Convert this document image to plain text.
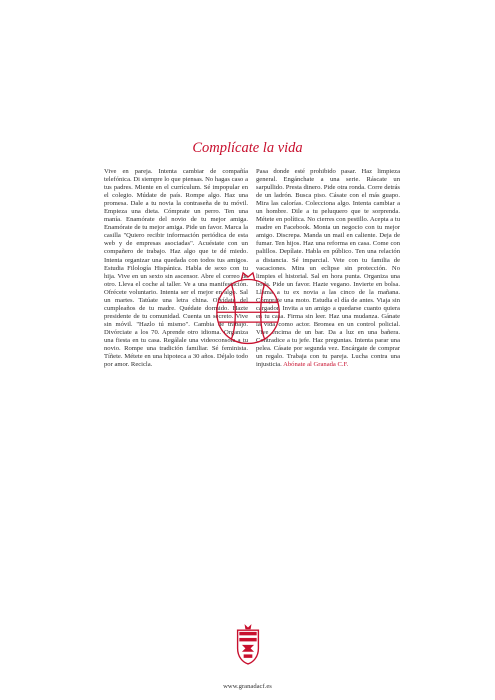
Complícate la vida

Vive en pareja. Intenta cambiar de compañía telefónica. Di siempre lo que piensas. No hagas caso a tus padres. Miente en el currículum. Sé impopular en el colegio. Múdate de país. Rompe algo. Haz una promesa. Dale a tu novia la contraseña de tu móvil. Empieza una dieta. Cómprate un perro. Ten una manía. Enamórate del novio de tu mejor amiga. Enamórate de tu mejor amiga. Pide un favor. Marca la casilla "Quiero recibir información periódica de esta web y de empresas asociadas". Acuéstate con un compañero de trabajo. Haz algo que te dé miedo. Intenta organizar una quedada con todos tus amigos. Estudia Filología Hispánica. Habla de sexo con tu hija. Vive en un sexto sin ascensor. Abre el correo de otro. Lleva el coche al taller. Ve a una manifestación. Ofrécete voluntario. Intenta ser el mejor en algo. Sal un martes. Tatúate una letra china. Olvídate del cumpleaños de tu madre. Quédate dormido. Hazte presidente de tu comunidad. Cuenta un secreto. Vive sin móvil. "Hazlo tú mismo". Cambia de trabajo. Divórciate a los 70. Aprende otro idioma. Organiza una fiesta en tu casa. Regálale una videoconsola a tu novio. Rompe una tradición familiar. Sé feminista. Tíñete. Métete en una hipoteca a 30 años. Déjalo todo por amor. Recicla.

Pasa donde esté prohibido pasar. Haz limpieza general. Engánchate a una serie. Ráscate un sarpullido. Presta dinero. Pide otra ronda. Corre detrás de un ladrón. Busca piso. Cásate con el más guapo. Mira las calorías. Colecciona algo. Intenta cambiar a un hombre. Dile a tu peluquero que te sorprenda. Métete en política. No cierres con pestillo. Acepta a tu madre en Facebook. Monta un negocio con tu mejor amigo. Discrepa. Manda un mail en caliente. Deja de fumar. Ten hijos. Haz una reforma en casa. Come con palillos. Depílate. Habla en público. Ten una relación a distancia. Sé imparcial. Vete con tu familia de vacaciones. Mira un eclipse sin protección. No limpies el historial. Sal en hora punta. Organiza una boda. Pide un favor. Hazte vegano. Invierte en bolsa. Llama a tu ex novia a las cinco de la mañana. Cómprate una moto. Estudia el día de antes. Viaja sin cargador. Invita a un amigo a quedarse cuanto quiera en tu casa. Firma sin leer. Haz una mudanza. Gánate la vida como actor. Bromea en un control policial. Vive encima de un bar. Da a luz en una bañera. Contradice a tu jefe. Haz preguntas. Intenta parar una pelea. Cásate por segunda vez. Encárgate de comprar un regalo. Trabaja con tu pareja. Lucha contra una injusticia. Abónate al Granada C.F.

www.granadacf.es
